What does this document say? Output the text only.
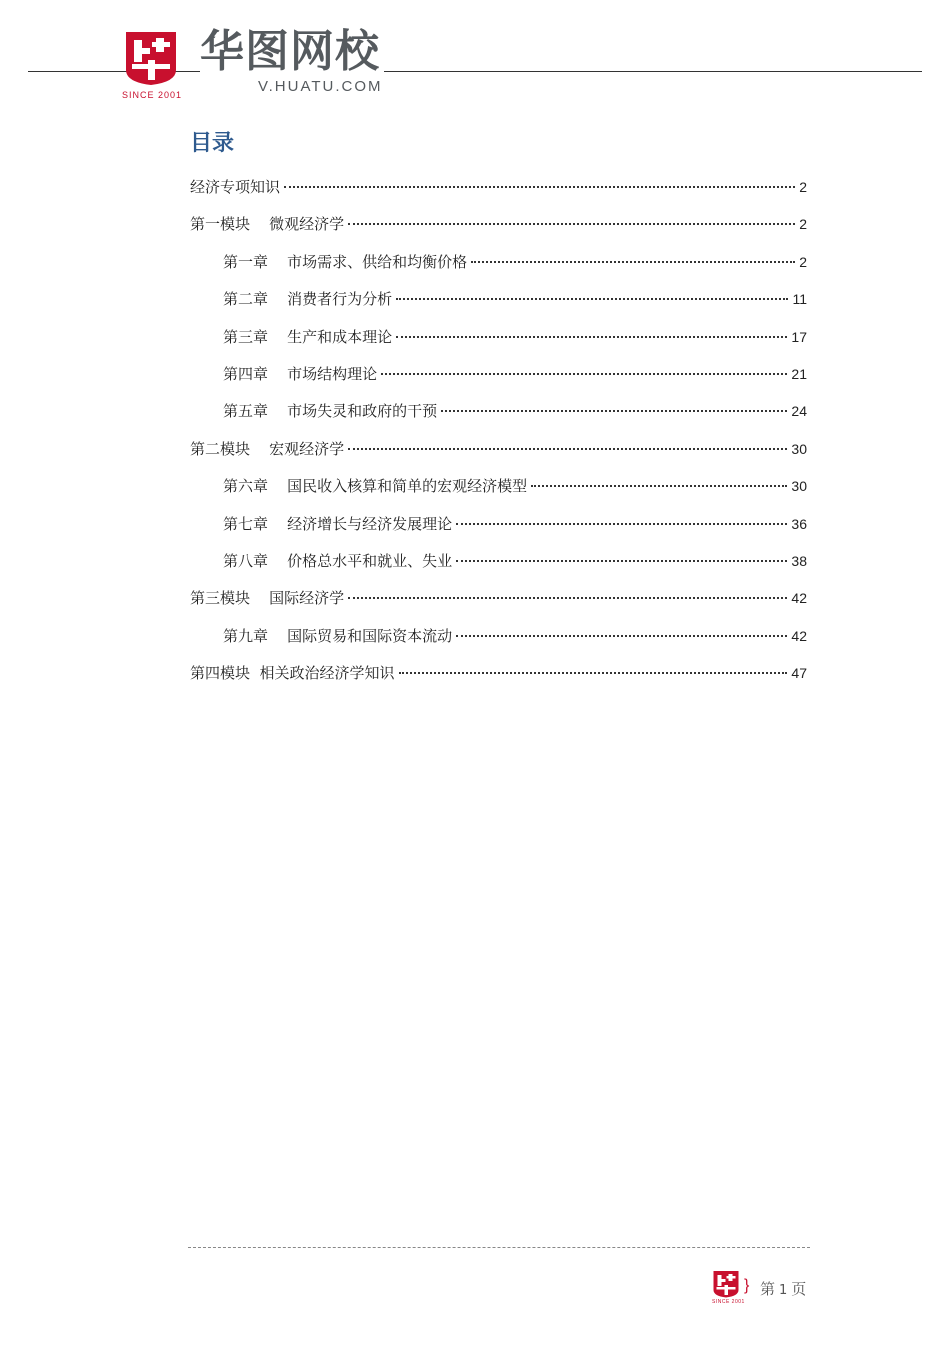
SINCE 2001
华图网校
V.HUATU.COM
目录
经济专项知识	2
第一模块    微观经济学	2
第一章    市场需求、供给和均衡价格	2
第二章    消费者行为分析	11
第三章    生产和成本理论	17
第四章    市场结构理论	21
第五章    市场失灵和政府的干预	24
第二模块    宏观经济学	30
第六章    国民收入核算和简单的宏观经济模型	30
第七章    经济增长与经济发展理论	36
第八章    价格总水平和就业、失业	38
第三模块    国际经济学	42
第九章    国际贸易和国际资本流动	42
第四模块  相关政治经济学知识	47
SINCE 2001
} 第 1 页
